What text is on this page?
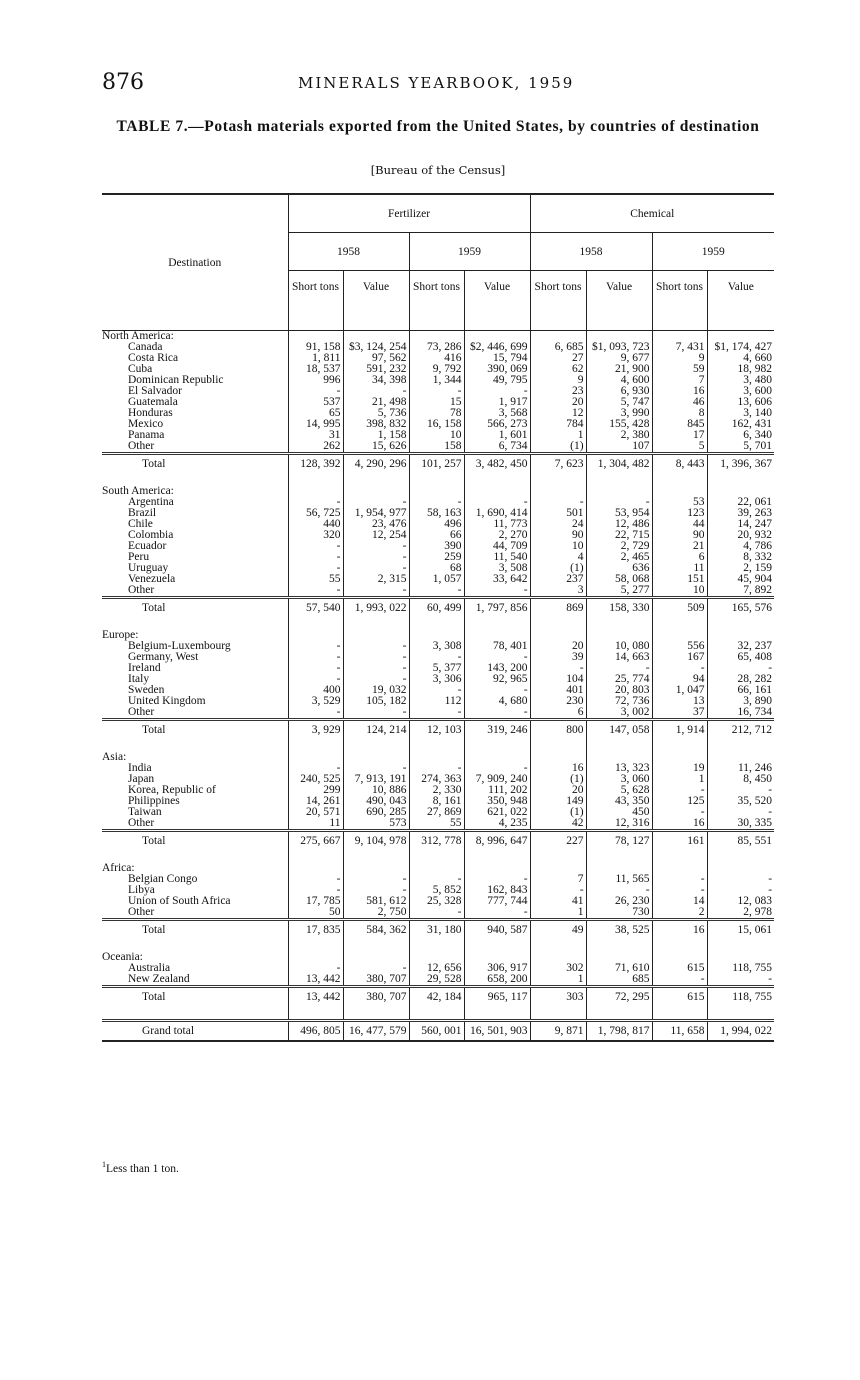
876	MINERALS YEARBOOK, 1959
TABLE 7.—Potash materials exported from the United States, by countries of destination
[Bureau of the Census]
Destination	Fertilizer				Chemical			
	1958		1959		1958		1959	
	Short tons	Value	Short tons	Value	Short tons	Value	Short tons	Value
North America:								
Canada	91, 158	$3, 124, 254	73, 286	$2, 446, 699	6, 685	$1, 093, 723	7, 431	$1, 174, 427
Costa Rica	1, 811	97, 562	416	15, 794	27	9, 677	9	4, 660
Cuba	18, 537	591, 232	9, 792	390, 069	62	21, 900	59	18, 982
Dominican Republic	996	34, 398	1, 344	49, 795	9	4, 600	7	3, 480
El Salvador	-	-	-	-	23	6, 930	16	3, 600
Guatemala	537	21, 498	15	1, 917	20	5, 747	46	13, 606
Honduras	65	5, 736	78	3, 568	12	3, 990	8	3, 140
Mexico	14, 995	398, 832	16, 158	566, 273	784	155, 428	845	162, 431
Panama	31	1, 158	10	1, 601	1	2, 380	17	6, 340
Other	262	15, 626	158	6, 734	(1)	107	5	5, 701
Total	128, 392	4, 290, 296	101, 257	3, 482, 450	7, 623	1, 304, 482	8, 443	1, 396, 367

South America:								
Argentina	-	-	-	-	-	-	53	22, 061
Brazil	56, 725	1, 954, 977	58, 163	1, 690, 414	501	53, 954	123	39, 263
Chile	440	23, 476	496	11, 773	24	12, 486	44	14, 247
Colombia	320	12, 254	66	2, 270	90	22, 715	90	20, 932
Ecuador	-	-	390	44, 709	10	2, 729	21	4, 786
Peru	-	-	259	11, 540	4	2, 465	6	8, 332
Uruguay	-	-	68	3, 508	(1)	636	11	2, 159
Venezuela	55	2, 315	1, 057	33, 642	237	58, 068	151	45, 904
Other	-	-	-	-	3	5, 277	10	7, 892
Total	57, 540	1, 993, 022	60, 499	1, 797, 856	869	158, 330	509	165, 576

Europe:								
Belgium-Luxembourg	-	-	3, 308	78, 401	20	10, 080	556	32, 237
Germany, West	-	-	-	-	39	14, 663	167	65, 408
Ireland	-	-	5, 377	143, 200	-	-	-	-
Italy	-	-	3, 306	92, 965	104	25, 774	94	28, 282
Sweden	400	19, 032	-	-	401	20, 803	1, 047	66, 161
United Kingdom	3, 529	105, 182	112	4, 680	230	72, 736	13	3, 890
Other	-	-	-	-	6	3, 002	37	16, 734
Total	3, 929	124, 214	12, 103	319, 246	800	147, 058	1, 914	212, 712

Asia:								
India	-	-	-	-	16	13, 323	19	11, 246
Japan	240, 525	7, 913, 191	274, 363	7, 909, 240	(1)	3, 060	1	8, 450
Korea, Republic of	299	10, 886	2, 330	111, 202	20	5, 628	-	-
Philippines	14, 261	490, 043	8, 161	350, 948	149	43, 350	125	35, 520
Taiwan	20, 571	690, 285	27, 869	621, 022	(1)	450	-	-
Other	11	573	55	4, 235	42	12, 316	16	30, 335
Total	275, 667	9, 104, 978	312, 778	8, 996, 647	227	78, 127	161	85, 551

Africa:								
Belgian Congo	-	-	-	-	7	11, 565	-	-
Libya	-	-	5, 852	162, 843	-	-	-	-
Union of South Africa	17, 785	581, 612	25, 328	777, 744	41	26, 230	14	12, 083
Other	50	2, 750	-	-	1	730	2	2, 978
Total	17, 835	584, 362	31, 180	940, 587	49	38, 525	16	15, 061

Oceania:								
Australia	-	-	12, 656	306, 917	302	71, 610	615	118, 755
New Zealand	13, 442	380, 707	29, 528	658, 200	1	685	-	-
Total	13, 442	380, 707	42, 184	965, 117	303	72, 295	615	118, 755

Grand total	496, 805	16, 477, 579	560, 001	16, 501, 903	9, 871	1, 798, 817	11, 658	1, 994, 022
$^1$Less than 1 ton.
